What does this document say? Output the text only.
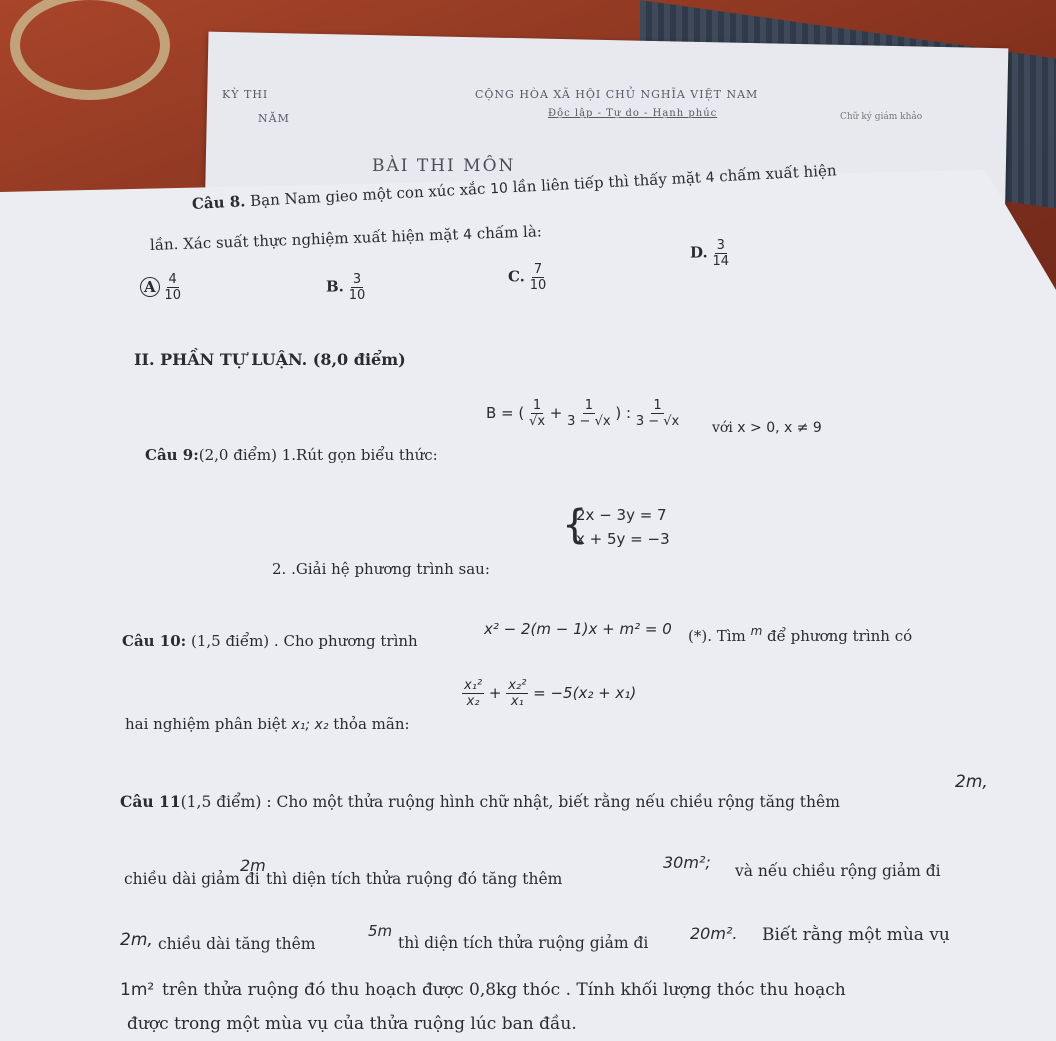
KỲ THI
NĂM
CỘNG HÒA XÃ HỘI CHỦ NGHĨA VIỆT NAM
Độc lập - Tự do - Hạnh phúc	Chữ ký giám khảo
BÀI THI MÔN
Câu 8. Bạn Nam gieo một con xúc xắc 10 lần liên tiếp thì thấy mặt 4 chấm xuất hiện
lần. Xác suất thực nghiệm xuất hiện mặt 4 chấm là:
A $\frac{4}{10}$	B. $\frac{3}{10}$	C. $\frac{7}{10}$
D. $\frac{3}{14}$
II. PHẦN TỰ LUẬN. (8,0 điểm)
Câu 9:(2,0 điểm) 1.Rút gọn biểu thức:
B = ( $\frac{1}{√x} + \frac{1}{3 - √x}$ ) : $\frac{1}{3 - √x}$ với x > 0, x ≠ 9
2. .Giải hệ phương trình sau:
{
2x − 3y = 7
x + 5y = −3
Câu 10: (1,5 điểm) . Cho phương trình
x² − 2(m − 1)x + m² = 0 (*). Tìm $^m$ để phương trình có
hai nghiệm phân biệt x₁; x₂ thỏa mãn:
$\frac{\text{x₁²}}{\text{x₂}} + \frac{\text{x₂²}}{\text{x₁}} = -5(x_2 + x_1)$
Câu 11(1,5 điểm) : Cho một thửa ruộng hình chữ nhật, biết rằng nếu chiều rộng tăng thêm
2m,
chiều dài giảm đi
2m
thì diện tích thửa ruộng đó tăng thêm
30m²; và nếu chiều rộng giảm đi
2m, chiều dài tăng thêm
5m
thì diện tích thửa ruộng giảm đi	20m². Biết rằng một mùa vụ
1m² trên thửa ruộng đó thu hoạch được 0,8kg thóc . Tính khối lượng thóc thu hoạch
được trong một mùa vụ của thửa ruộng lúc ban đầu.
